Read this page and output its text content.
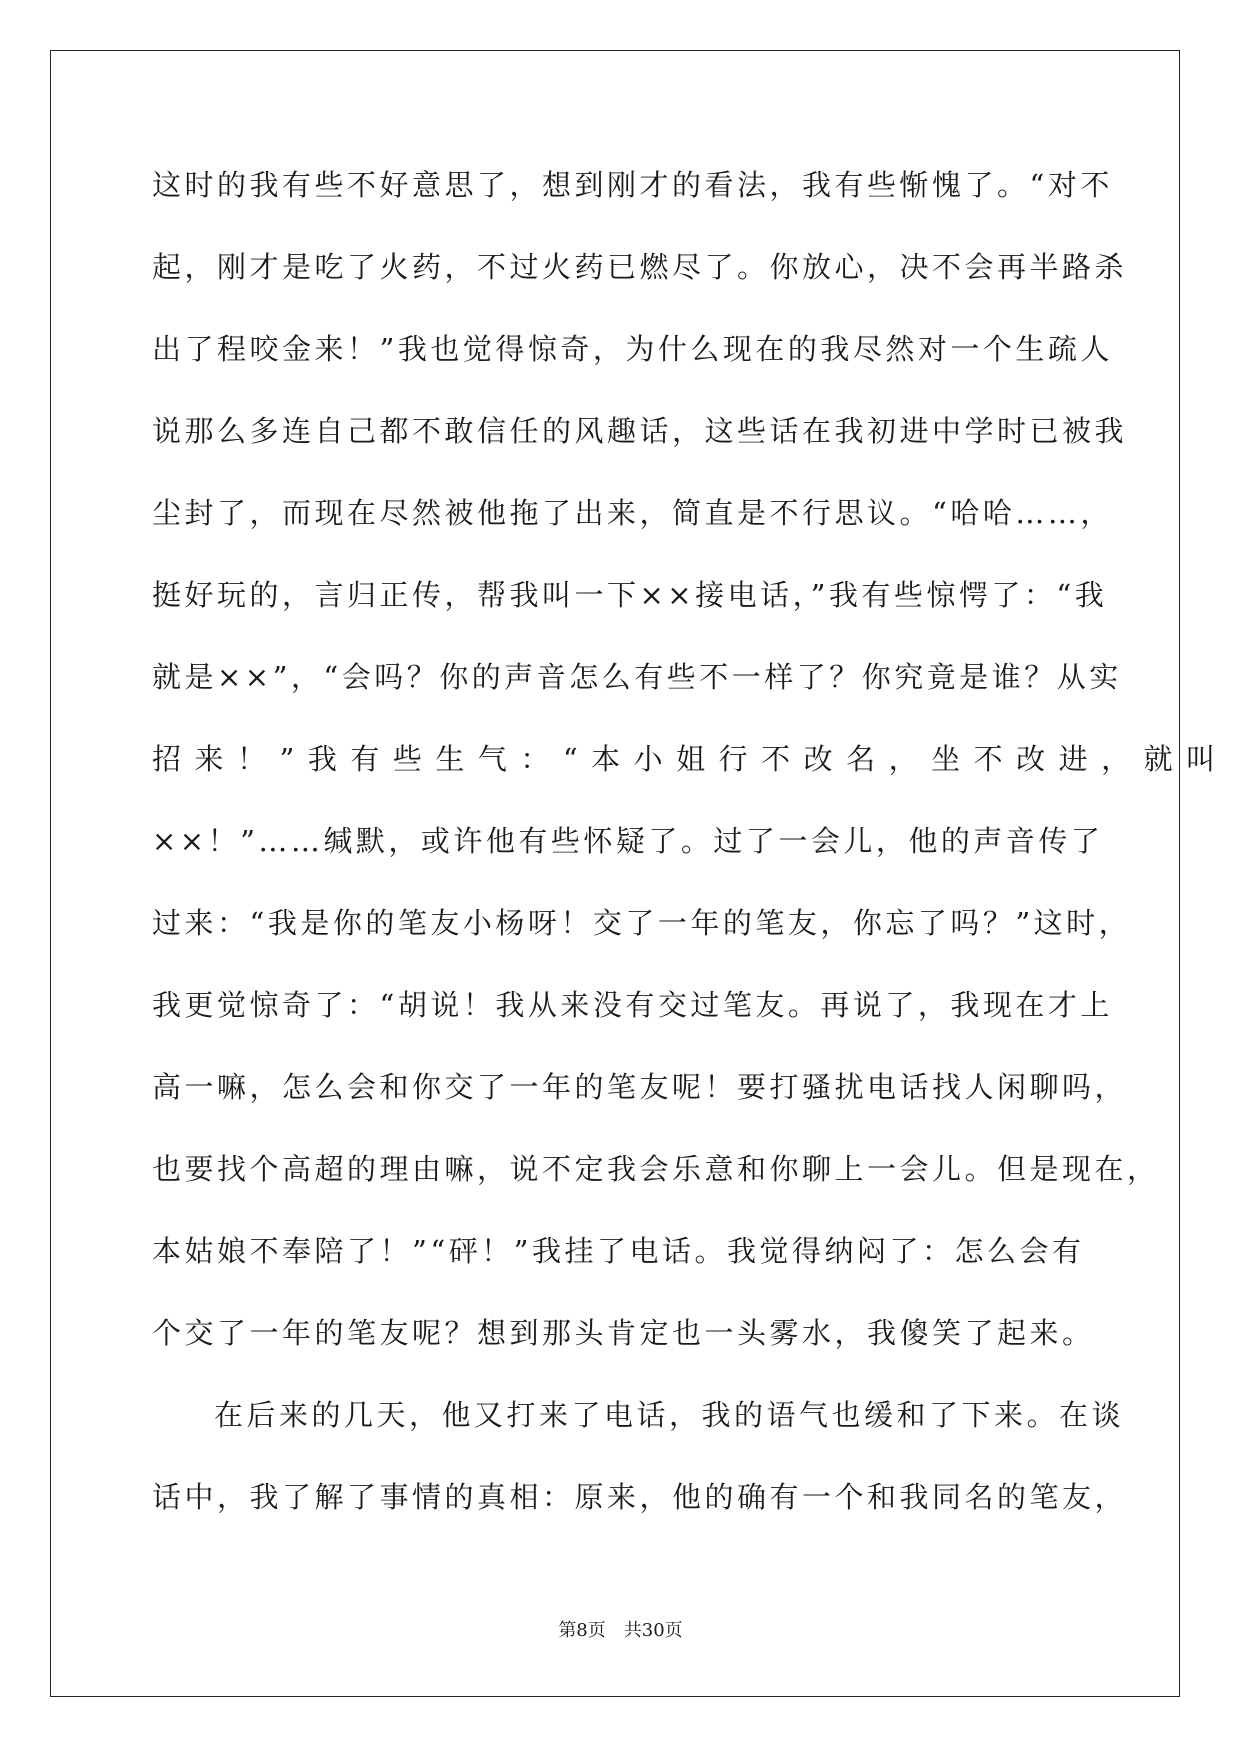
这时的我有些不好意思了，想到刚才的看法，我有些惭愧了。“对不
起，刚才是吃了火药，不过火药已燃尽了。你放心，决不会再半路杀
出了程咬金来！”我也觉得惊奇，为什么现在的我尽然对一个生疏人
说那么多连自己都不敢信任的风趣话，这些话在我初进中学时已被我
尘封了，而现在尽然被他拖了出来，简直是不行思议。“哈哈……，
挺好玩的，言归正传，帮我叫一下××接电话，”我有些惊愕了：“我
就是××”，“会吗？你的声音怎么有些不一样了？你究竟是谁？从实
招来！”我有些生气：“本小姐行不改名，坐不改进，就叫
××！”……缄默，或许他有些怀疑了。过了一会儿，他的声音传了
过来：“我是你的笔友小杨呀！交了一年的笔友，你忘了吗？”这时，
我更觉惊奇了：“胡说！我从来没有交过笔友。再说了，我现在才上
高一嘛，怎么会和你交了一年的笔友呢！要打骚扰电话找人闲聊吗，
也要找个高超的理由嘛，说不定我会乐意和你聊上一会儿。但是现在，
本姑娘不奉陪了！”“砰！”我挂了电话。我觉得纳闷了：怎么会有
个交了一年的笔友呢？想到那头肯定也一头雾水，我傻笑了起来。
在后来的几天，他又打来了电话，我的语气也缓和了下来。在谈
话中，我了解了事情的真相：原来，他的确有一个和我同名的笔友，
第8页 共30页
